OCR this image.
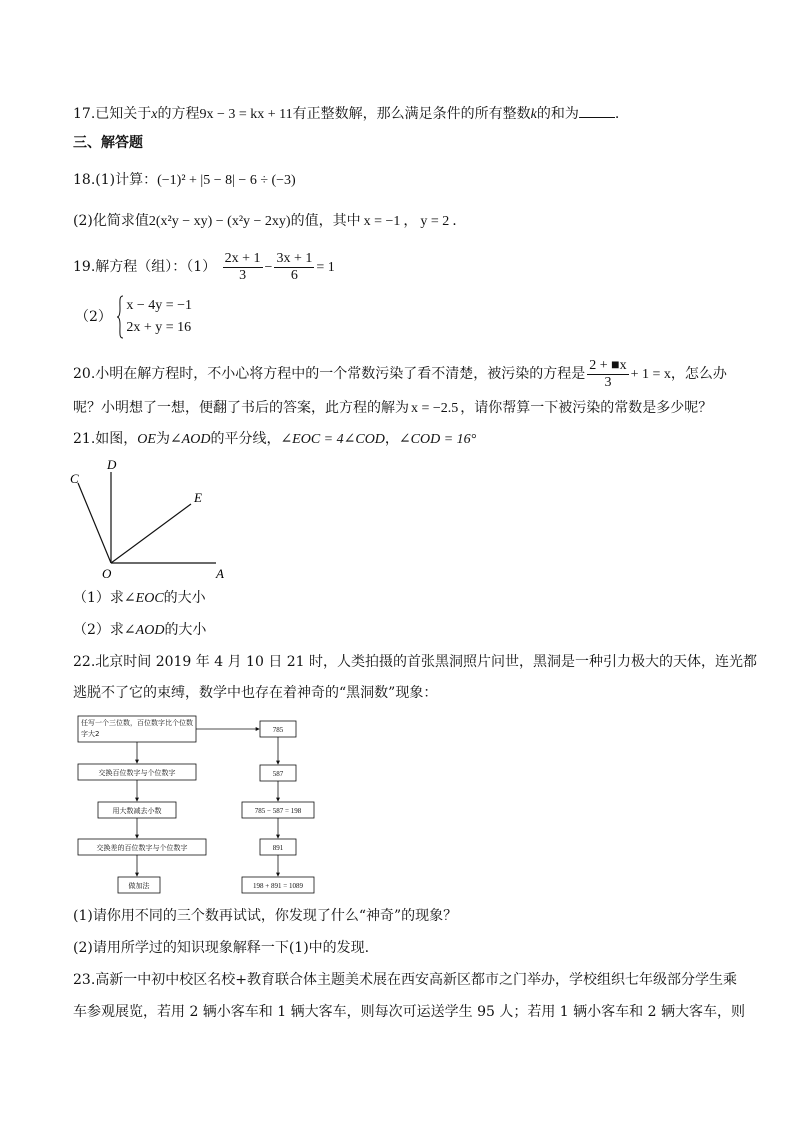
17.已知关于x的方程9x − 3 = kx + 11有正整数解，那么满足条件的所有整数k的和为	.
三、解答题
18.(1)计算：(−1)² + |5 − 8| − 6 ÷ (−3)
(2)化简求值2(x²y − xy) − (x²y − 2xy)的值，其中 x = −1 ， y = 2 .
19.解方程（组）：$(1) \frac{2x + 1}{3} - \frac{3x + 1}{6} = 1$
（2）
x − 4y = −1
2x + y = 16
20.小明在解方程时，不小心将方程中的一个常数污染了看不清楚，被污染的方程是 $\frac{2 + ■x}{3} + 1 = x$，怎么办
呢？小明想了一想，便翻了书后的答案，此方程的解为 x = −2.5 ，请你帮算一下被污染的常数是多少呢？
21.如图，OE为∠AOD的平分线，∠EOC = 4∠COD，∠COD = 16°
C
D
E
O	A
（1）求∠EOC的大小
（2）求∠AOD的大小
22.北京时间 2019 年 4 月 10 日 21 时，人类拍摄的首张黑洞照片问世，黑洞是一种引力极大的天体，连光都
逃脱不了它的束缚，数学中也存在着神奇的“黑洞数”现象：
任写一个三位数，百位数字比个位数字大2
交换百位数字与个位数字
用大数减去小数
交换差的百位数字与个位数字
做加法
785
587
785 − 587 = 198
891
198 + 891 = 1089
(1)请你用不同的三个数再试试，你发现了什么“神奇”的现象？
(2)请用所学过的知识现象解释一下(1)中的发现.
23.高新一中初中校区名校+教育联合体主题美术展在西安高新区都市之门举办，学校组织七年级部分学生乘
车参观展览，若用 2 辆小客车和 1 辆大客车，则每次可运送学生 95 人；若用 1 辆小客车和 2 辆大客车，则
